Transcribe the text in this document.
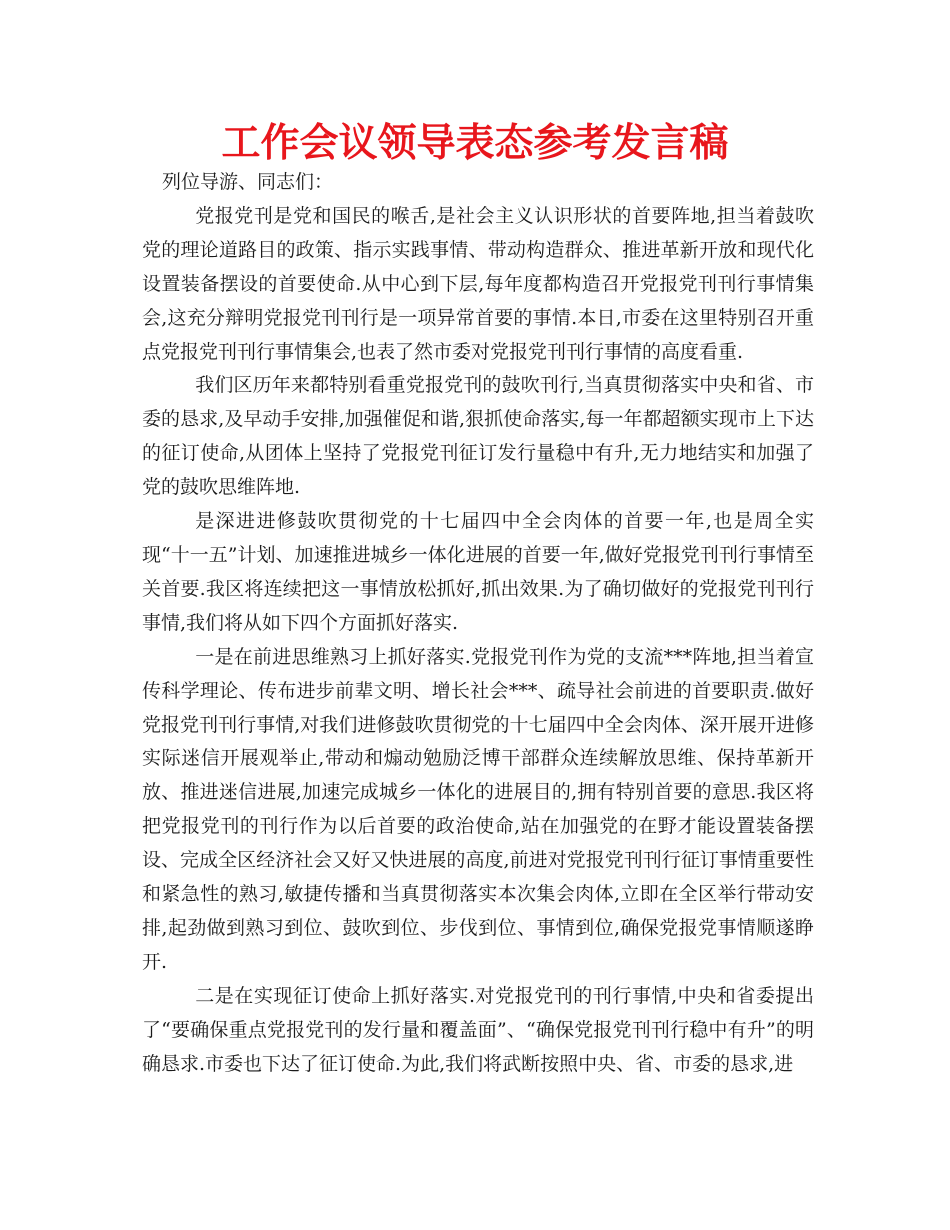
工作会议领导表态参考发言稿

列位导游、同志们：

党报党刊是党和国民的喉舌,是社会主义认识形状的首要阵地,担当着鼓吹党的理论道路目的政策、指示实践事情、带动构造群众、推进革新开放和现代化设置装备摆设的首要使命.从中心到下层,每年度都构造召开党报党刊刊行事情集会,这充分辩明党报党刊刊行是一项异常首要的事情.本日,市委在这里特别召开重点党报党刊刊行事情集会,也表了然市委对党报党刊刊行事情的高度看重.

我们区历年来都特别看重党报党刊的鼓吹刊行,当真贯彻落实中央和省、市委的恳求,及早动手安排,加强催促和谐,狠抓使命落实,每一年都超额实现市上下达的征订使命,从团体上坚持了党报党刊征订发行量稳中有升,无力地结实和加强了党的鼓吹思维阵地.

是深进进修鼓吹贯彻党的十七届四中全会肉体的首要一年,也是周全实现“十一五”计划、加速推进城乡一体化进展的首要一年,做好党报党刊刊行事情至关首要.我区将连续把这一事情放松抓好,抓出效果.为了确切做好的党报党刊刊行事情,我们将从如下四个方面抓好落实.

一是在前进思维熟习上抓好落实.党报党刊作为党的支流***阵地,担当着宣传科学理论、传布进步前辈文明、增长社会***、疏导社会前进的首要职责.做好党报党刊刊行事情,对我们进修鼓吹贯彻党的十七届四中全会肉体、深开展开进修实际迷信开展观举止,带动和煽动勉励泛博干部群众连续解放思维、保持革新开放、推进迷信进展,加速完成城乡一体化的进展目的,拥有特别首要的意思.我区将把党报党刊的刊行作为以后首要的政治使命,站在加强党的在野才能设置装备摆设、完成全区经济社会又好又快进展的高度,前进对党报党刊刊行征订事情重要性和紧急性的熟习,敏捷传播和当真贯彻落实本次集会肉体,立即在全区举行带动安排,起劲做到熟习到位、鼓吹到位、步伐到位、事情到位,确保党报党事情顺遂睁开.

二是在实现征订使命上抓好落实.对党报党刊的刊行事情,中央和省委提出了“要确保重点党报党刊的发行量和覆盖面”、“确保党报党刊刊行稳中有升”的明确恳求.市委也下达了征订使命.为此,我们将武断按照中央、省、市委的恳求,进
